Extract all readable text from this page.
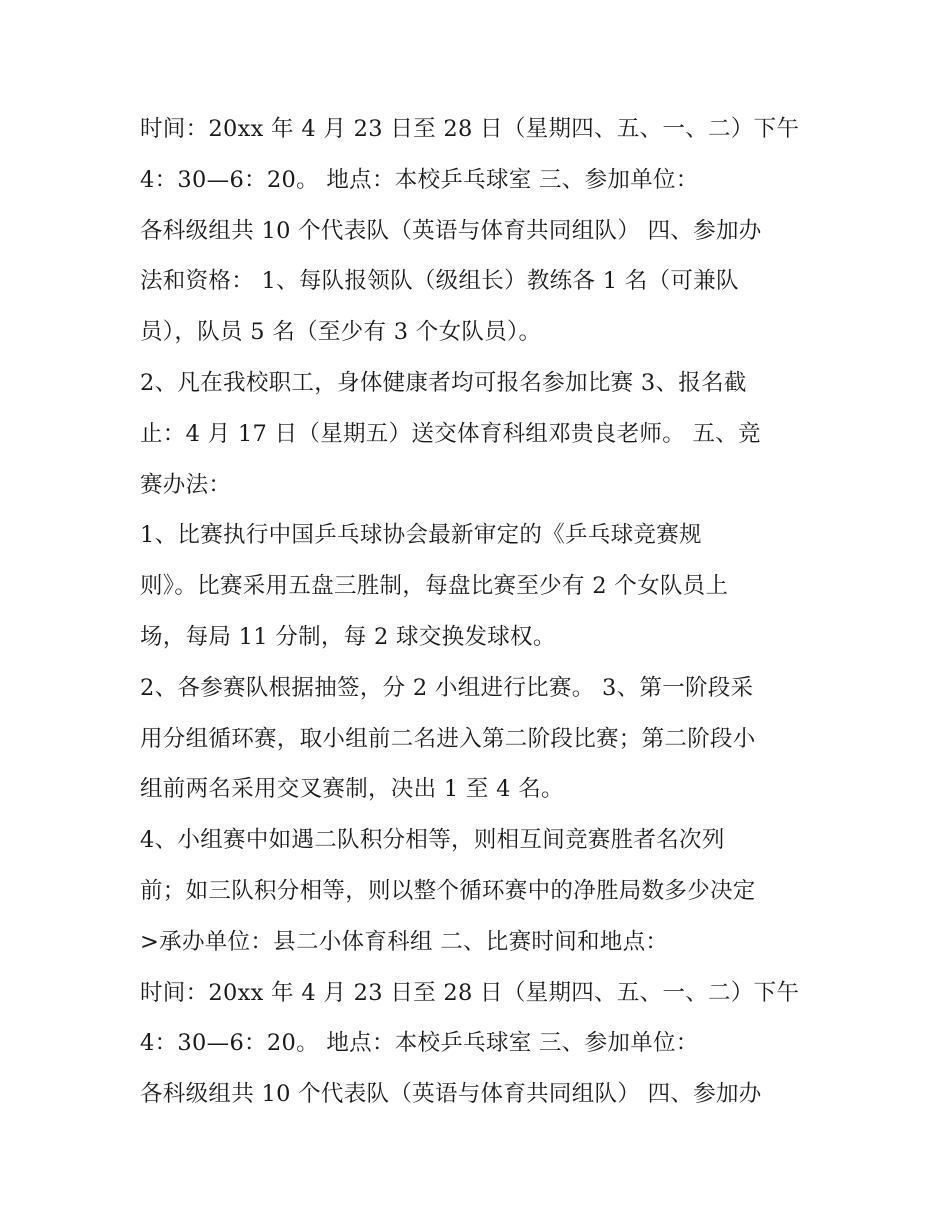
时间：20xx 年 4 月 23 日至 28 日（星期四、五、一、二）下午
4：30—6：20。 地点：本校乒乓球室 三、参加单位：
各科级组共 10 个代表队（英语与体育共同组队） 四、参加办
法和资格： 1、每队报领队（级组长）教练各 1 名（可兼队
员），队员 5 名（至少有 3 个女队员）。
2、凡在我校职工，身体健康者均可报名参加比赛 3、报名截
止：4 月 17 日（星期五）送交体育科组邓贵良老师。 五、竞
赛办法：
1、比赛执行中国乒乓球协会最新审定的《乒乓球竞赛规
则》。比赛采用五盘三胜制，每盘比赛至少有 2 个女队员上
场，每局 11 分制，每 2 球交换发球权。
2、各参赛队根据抽签，分 2 小组进行比赛。 3、第一阶段采
用分组循环赛，取小组前二名进入第二阶段比赛；第二阶段小
组前两名采用交叉赛制，决出 1 至 4 名。
4、小组赛中如遇二队积分相等，则相互间竞赛胜者名次列
前；如三队积分相等，则以整个循环赛中的净胜局数多少决定
>承办单位：县二小体育科组 二、比赛时间和地点：
时间：20xx 年 4 月 23 日至 28 日（星期四、五、一、二）下午
4：30—6：20。 地点：本校乒乓球室 三、参加单位：
各科级组共 10 个代表队（英语与体育共同组队） 四、参加办
